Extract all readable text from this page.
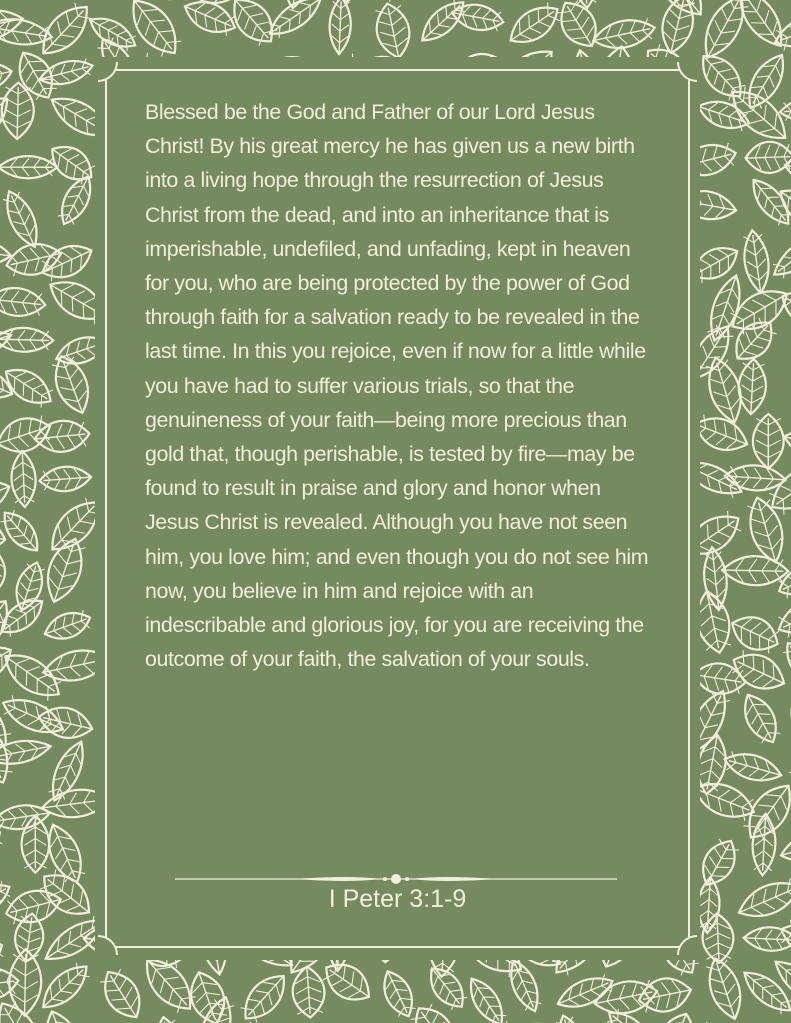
Blessed be the God and Father of our Lord Jesus Christ! By his great mercy he has given us a new birth into a living hope through the resurrection of Jesus Christ from the dead, and into an inheritance that is imperishable, undefiled, and unfading, kept in heaven for you, who are being protected by the power of God through faith for a salvation ready to be revealed in the last time. In this you rejoice, even if now for a little while you have had to suffer various trials, so that the genuineness of your faith—being more precious than gold that, though perishable, is tested by fire—may be found to result in praise and glory and honor when Jesus Christ is revealed. Although you have not seen him, you love him; and even though you do not see him now, you believe in him and rejoice with an indescribable and glorious joy, for you are receiving the outcome of your faith, the salvation of your souls.

I Peter 3:1-9
